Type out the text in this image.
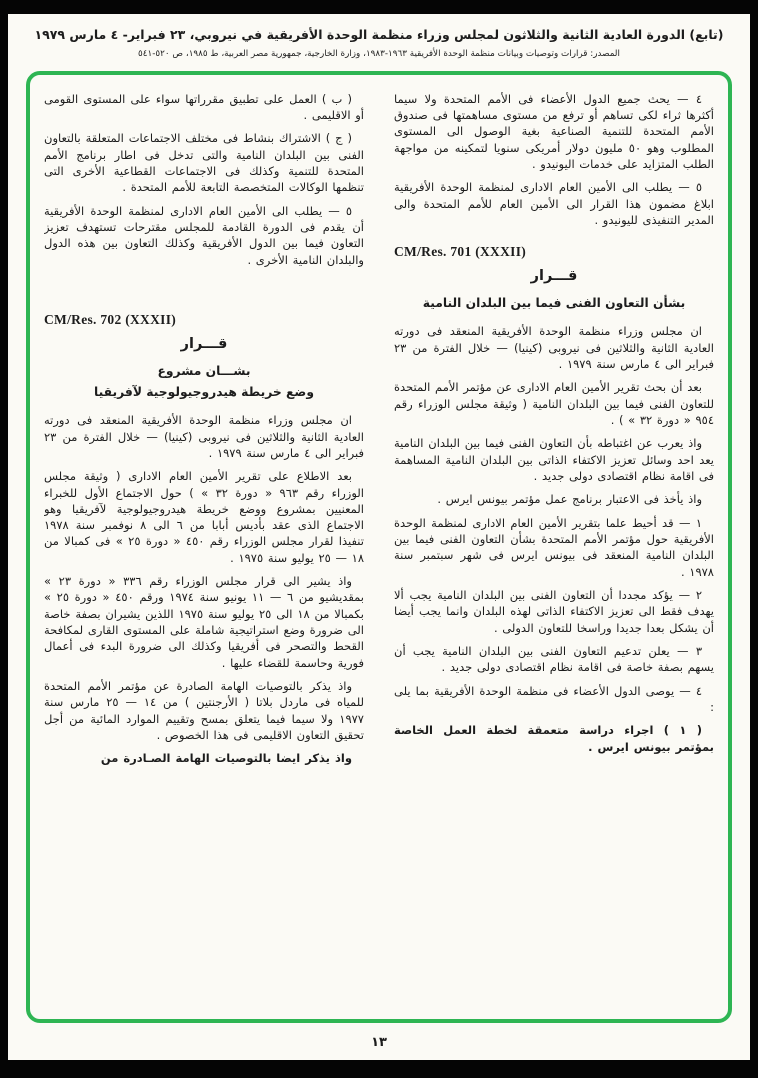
(تابع) الدورة العادية الثانية والثلاثون لمجلس وزراء منظمة الوحدة الأفريقية في نيروبي، ٢٣ فبراير- ٤ مارس ١٩٧٩
المصدر: قرارات وتوصيات وبيانات منظمة الوحدة الأفريقية ١٩٦٣-١٩٨٣، وزارة الخارجية، جمهورية مصر العربية، ط ١٩٨٥، ص ٥٢٠-٥٤١

٤ — يحث جميع الدول الأعضاء فى الأمم المتحدة ولا سيما أكثرها ثراء لكى تساهم أو ترفع من مستوى مساهمتها فى صندوق الأمم المتحدة للتنمية الصناعية بغية الوصول الى المستوى المطلوب وهو ٥٠ مليون دولار أمريكى سنويا لتمكينه من مواجهة الطلب المتزايد على خدمات اليونيدو .

٥ — يطلب الى الأمين العام الادارى لمنظمة الوحدة الأفريقية ابلاغ مضمون هذا القرار الى الأمين العام للأمم المتحدة والى المدير التنفيذى لليونيدو .

CM/Res. 701 (XXXII)
قـــرار
بشأن التعاون الفنى فيما بين البلدان النامية

ان مجلس وزراء منظمة الوحدة الأفريقية المنعقد فى دورته العادية الثانية والثلاثين فى نيروبى (كينيا) — خلال الفترة من ٢٣ فبراير الى ٤ مارس سنة ١٩٧٩ .

بعد أن بحث تقرير الأمين العام الادارى عن مؤتمر الأمم المتحدة للتعاون الفنى فيما بين البلدان النامية ( وثيقة مجلس الوزراء رقم ٩٥٤ « دورة ٣٢ » ) .

واذ يعرب عن اغتباطه بأن التعاون الفنى فيما بين البلدان النامية يعد احد وسائل تعزيز الاكتفاء الذاتى بين البلدان النامية المساهمة فى اقامة نظام اقتصادى دولى جديد .

واذ يأخذ فى الاعتبار برنامج عمل مؤتمر بيونس ايرس .

١ — قد أحيط علما بتقرير الأمين العام الادارى لمنظمة الوحدة الأفريقية حول مؤتمر الأمم المتحدة بشأن التعاون الفنى فيما بين البلدان النامية المنعقد فى بيونس ايرس فى شهر سبتمبر سنة ١٩٧٨ .

٢ — يؤكد مجددا أن التعاون الفنى بين البلدان النامية يجب ألا يهدف فقط الى تعزيز الاكتفاء الذاتى لهذه البلدان وانما يجب أيضا أن يشكل بعدا جديدا وراسخا للتعاون الدولى .

٣ — يعلن تدعيم التعاون الفنى بين البلدان النامية يجب أن يسهم بصفة خاصة فى اقامة نظام اقتصادى دولى جديد .

٤ — يوصى الدول الأعضاء فى منظمة الوحدة الأفريقية بما يلى :

( ١ ) اجراء دراسة متعمقة لخطة العمل الخاصة بمؤتمر بيونس ايرس .

( ب ) العمل على تطبيق مقرراتها سواء على المستوى القومى أو الاقليمى .

( ج ) الاشتراك بنشاط فى مختلف الاجتماعات المتعلقة بالتعاون الفنى بين البلدان النامية والتى تدخل فى اطار برنامج الأمم المتحدة للتنمية وكذلك فى الاجتماعات القطاعية الأخرى التى تنظمها الوكالات المتخصصة التابعة للأمم المتحدة .

٥ — يطلب الى الأمين العام الادارى لمنظمة الوحدة الأفريقية أن يقدم فى الدورة القادمة للمجلس مقترحات تستهدف تعزيز التعاون فيما بين الدول الأفريقية وكذلك التعاون بين هذه الدول والبلدان النامية الأخرى .

CM/Res. 702 (XXXII)
قـــرار
بشـــان مشروع
وضع خريطة هيدروجيولوجية لآفريقيا

ان مجلس وزراء منظمة الوحدة الأفريقية المنعقد فى دورته العادية الثانية والثلاثين فى نيروبى (كينيا) — خلال الفترة من ٢٣ فبراير الى ٤ مارس سنة ١٩٧٩ .

بعد الاطلاع على تقرير الأمين العام الادارى ( وثيقة مجلس الوزراء رقم ٩٦٣ « دورة ٣٢ » ) حول الاجتماع الأول للخبراء المعنيين بمشروع ووضع خريطة هيدروجيولوجية لآفريقيا وهو الاجتماع الذى عقد بأديس أبابا من ٦ الى ٨ نوفمبر سنة ١٩٧٨ تنفيذا لقرار مجلس الوزراء رقم ٤٥٠ « دورة ٢٥ » فى كمبالا من ١٨ — ٢٥ يوليو سنة ١٩٧٥ .

واذ يشير الى قرار مجلس الوزراء رقم ٣٣٦ « دورة ٢٣ » بمقديشيو من ٦ — ١١ يونيو سنة ١٩٧٤ ورقم ٤٥٠ « دورة ٢٥ » بكمبالا من ١٨ الى ٢٥ يوليو سنة ١٩٧٥ اللذين يشيران بصفة خاصة الى ضرورة وضع استراتيجية شاملة على المستوى القارى لمكافحة القحط والتصحر فى أفريقيا وكذلك الى ضرورة البدء فى أعمال فورية وحاسمة للقضاء عليها .

واذ يذكر بالتوصيات الهامة الصادرة عن مؤتمر الأمم المتحدة للمياه فى ماردل بلاتا ( الأرجنتين ) من ١٤ — ٢٥ مارس سنة ١٩٧٧ ولا سيما فيما يتعلق بمسح وتقييم الموارد المائية من أجل تحقيق التعاون الاقليمى فى هذا الخصوص .

واذ يذكر ايضا بالتوصيات الهامة الصـادرة من

١٣
